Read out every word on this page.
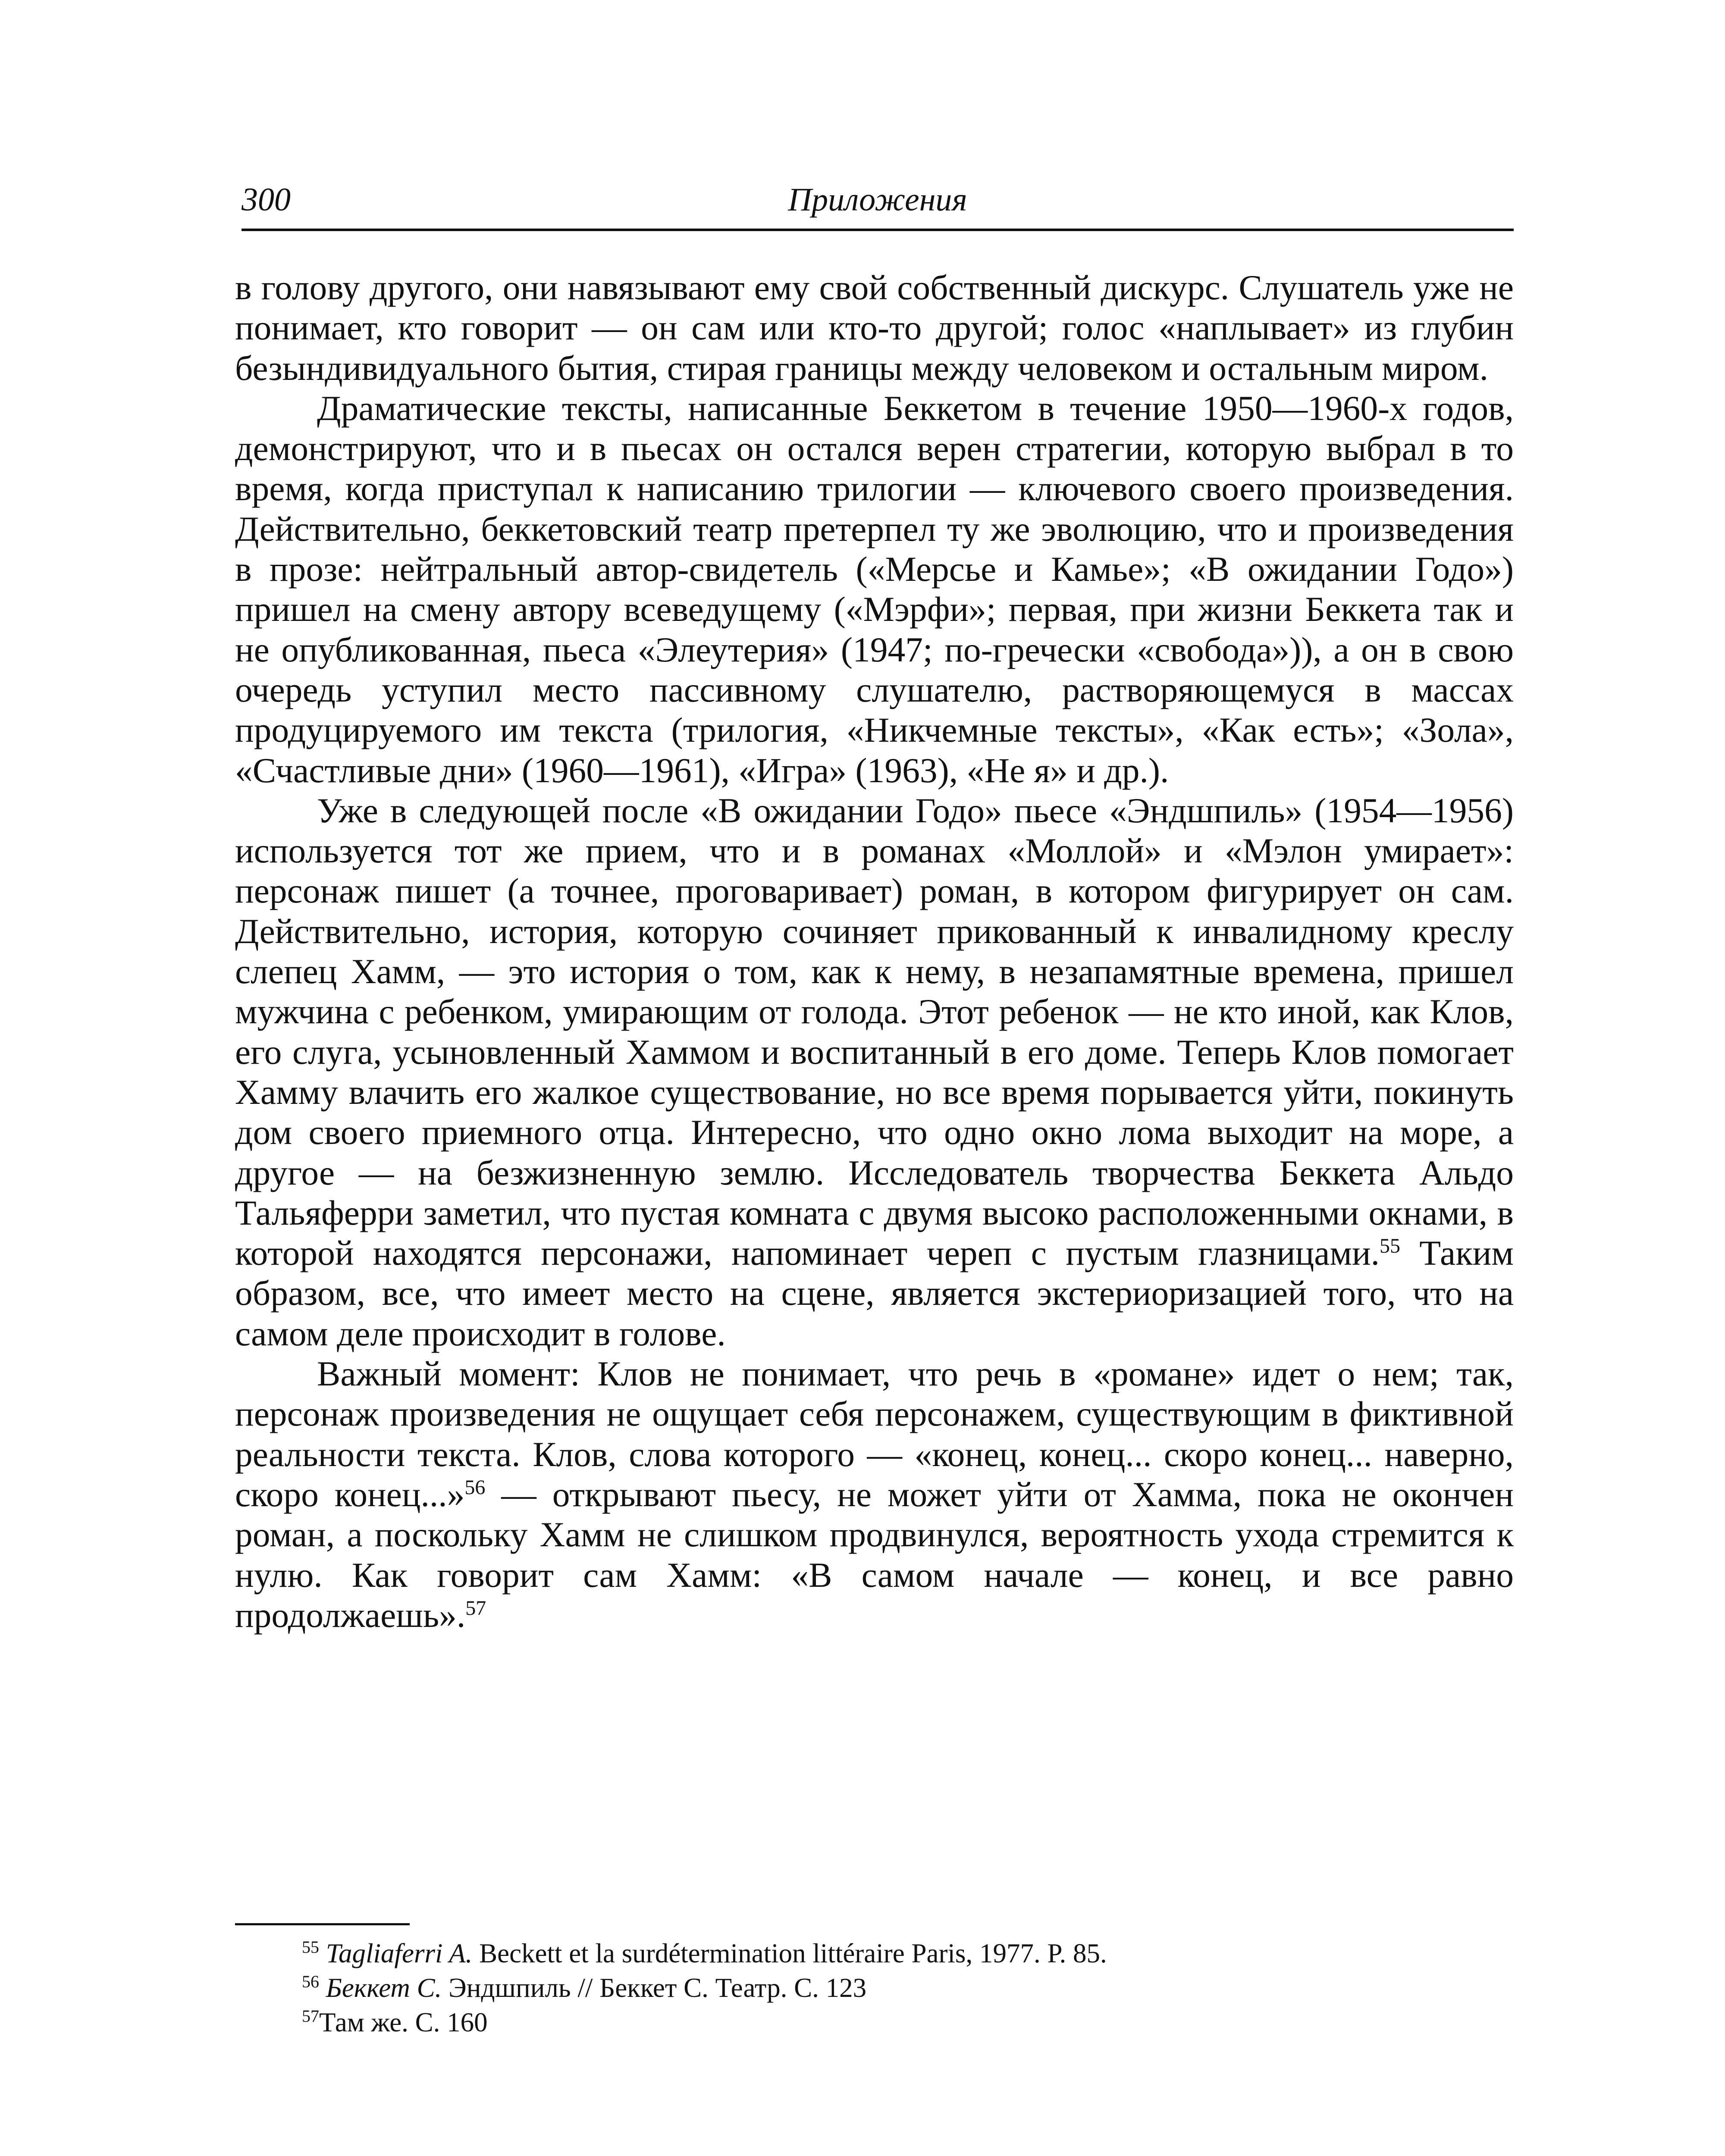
Приложения
300

в голову другого, они навязывают ему свой собственный дискурс. Слушатель уже не понимает, кто говорит — он сам или кто-то другой; голос «наплывает» из глубин безындивидуального бытия, стирая границы между человеком и остальным миром.

Драматические тексты, написанные Беккетом в течение 1950—1960-х годов, демонстрируют, что и в пьесах он остался верен стратегии, которую выбрал в то время, когда приступал к написанию трилогии — ключевого своего произведения. Действительно, беккетовский театр претерпел ту же эволюцию, что и произведения в прозе: нейтральный автор-свидетель («Мерсье и Камье»; «В ожидании Годо») пришел на смену автору всеведущему («Мэрфи»; первая, при жизни Беккета так и не опубликованная, пьеса «Элеутерия» (1947; по-гречески «свобода»)), а он в свою очередь уступил место пассивному слушателю, растворяющемуся в массах продуцируемого им текста (трилогия, «Никчемные тексты», «Как есть»; «Зола», «Счастливые дни» (1960—1961), «Игра» (1963), «Не я» и др.).

Уже в следующей после «В ожидании Годо» пьесе «Эндшпиль» (1954—1956) используется тот же прием, что и в романах «Моллой» и «Мэлон умирает»: персонаж пишет (а точнее, проговаривает) роман, в котором фигурирует он сам. Действительно, история, которую сочиняет прикованный к инвалидному креслу слепец Хамм, — это история о том, как к нему, в незапамятные времена, пришел мужчина с ребенком, умирающим от голода. Этот ребенок — не кто иной, как Клов, его слуга, усыновленный Хаммом и воспитанный в его доме. Теперь Клов помогает Хамму влачить его жалкое существование, но все время порывается уйти, покинуть дом своего приемного отца. Интересно, что одно окно лома выходит на море, а другое — на безжизненную землю. Исследователь творчества Беккета Альдо Тальяферри заметил, что пустая комната с двумя высоко расположенными окнами, в которой находятся персонажи, напоминает череп с пустым глазницами.$^{55}$ Таким образом, все, что имеет место на сцене, является экстериоризацией того, что на самом деле происходит в голове.

Важный момент: Клов не понимает, что речь в «романе» идет о нем; так, персонаж произведения не ощущает себя персонажем, существующим в фиктивной реальности текста. Клов, слова которого — «конец, конец... скоро конец... наверно, скоро конец...»$^{56}$ — открывают пьесу, не может уйти от Хамма, пока не окончен роман, а поскольку Хамм не слишком продвинулся, вероятность ухода стремится к нулю. Как говорит сам Хамм: «В самом начале — конец, и все равно продолжаешь».$^{57}$

$^{55}$ Tagliaferri A. Beckett et la surdétermination littéraire Paris, 1977. P. 85.
$^{56}$ Беккет С. Эндшпиль // Беккет С. Театр. С. 123
$^{57}$Там же. С. 160
